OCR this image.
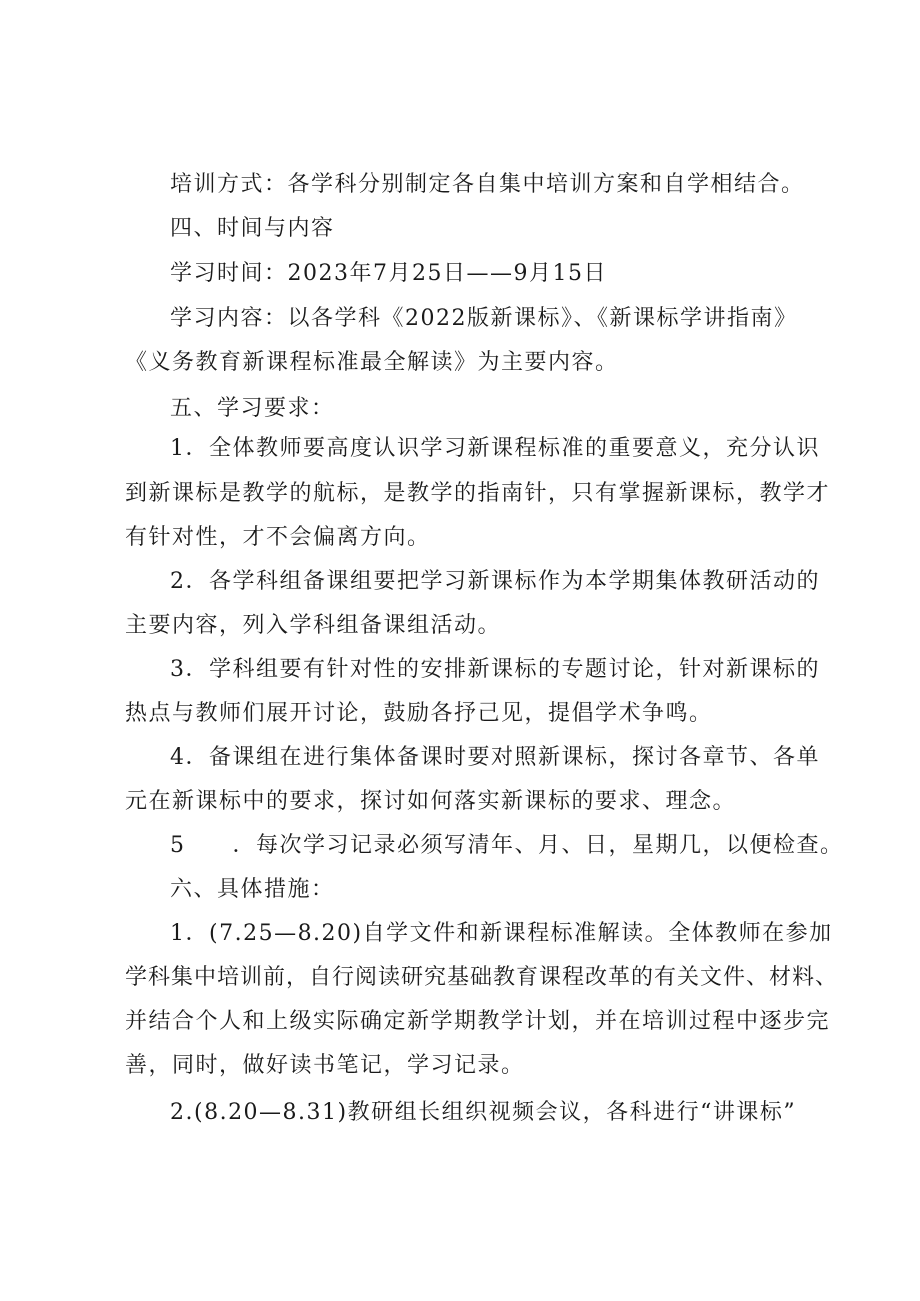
培训方式：各学科分别制定各自集中培训方案和自学相结合。
四、时间与内容
学习时间：2023年7月25日——9月15日
学习内容：以各学科《2022版新课标》、《新课标学讲指南》
《义务教育新课程标准最全解读》为主要内容。
五、学习要求：
1．全体教师要高度认识学习新课程标准的重要意义，充分认识
到新课标是教学的航标，是教学的指南针，只有掌握新课标，教学才
有针对性，才不会偏离方向。
2．各学科组备课组要把学习新课标作为本学期集体教研活动的
主要内容，列入学科组备课组活动。
3．学科组要有针对性的安排新课标的专题讨论，针对新课标的
热点与教师们展开讨论，鼓励各抒己见，提倡学术争鸣。
4．备课组在进行集体备课时要对照新课标，探讨各章节、各单
元在新课标中的要求，探讨如何落实新课标的要求、理念。
5　　．每次学习记录必须写清年、月、日，星期几，以便检查。
六、具体措施：
1．(7.25—8.20)自学文件和新课程标准解读。全体教师在参加
学科集中培训前，自行阅读研究基础教育课程改革的有关文件、材料、
并结合个人和上级实际确定新学期教学计划，并在培训过程中逐步完
善，同时，做好读书笔记，学习记录。
2.(8.20—8.31)教研组长组织视频会议，各科进行“讲课标”
